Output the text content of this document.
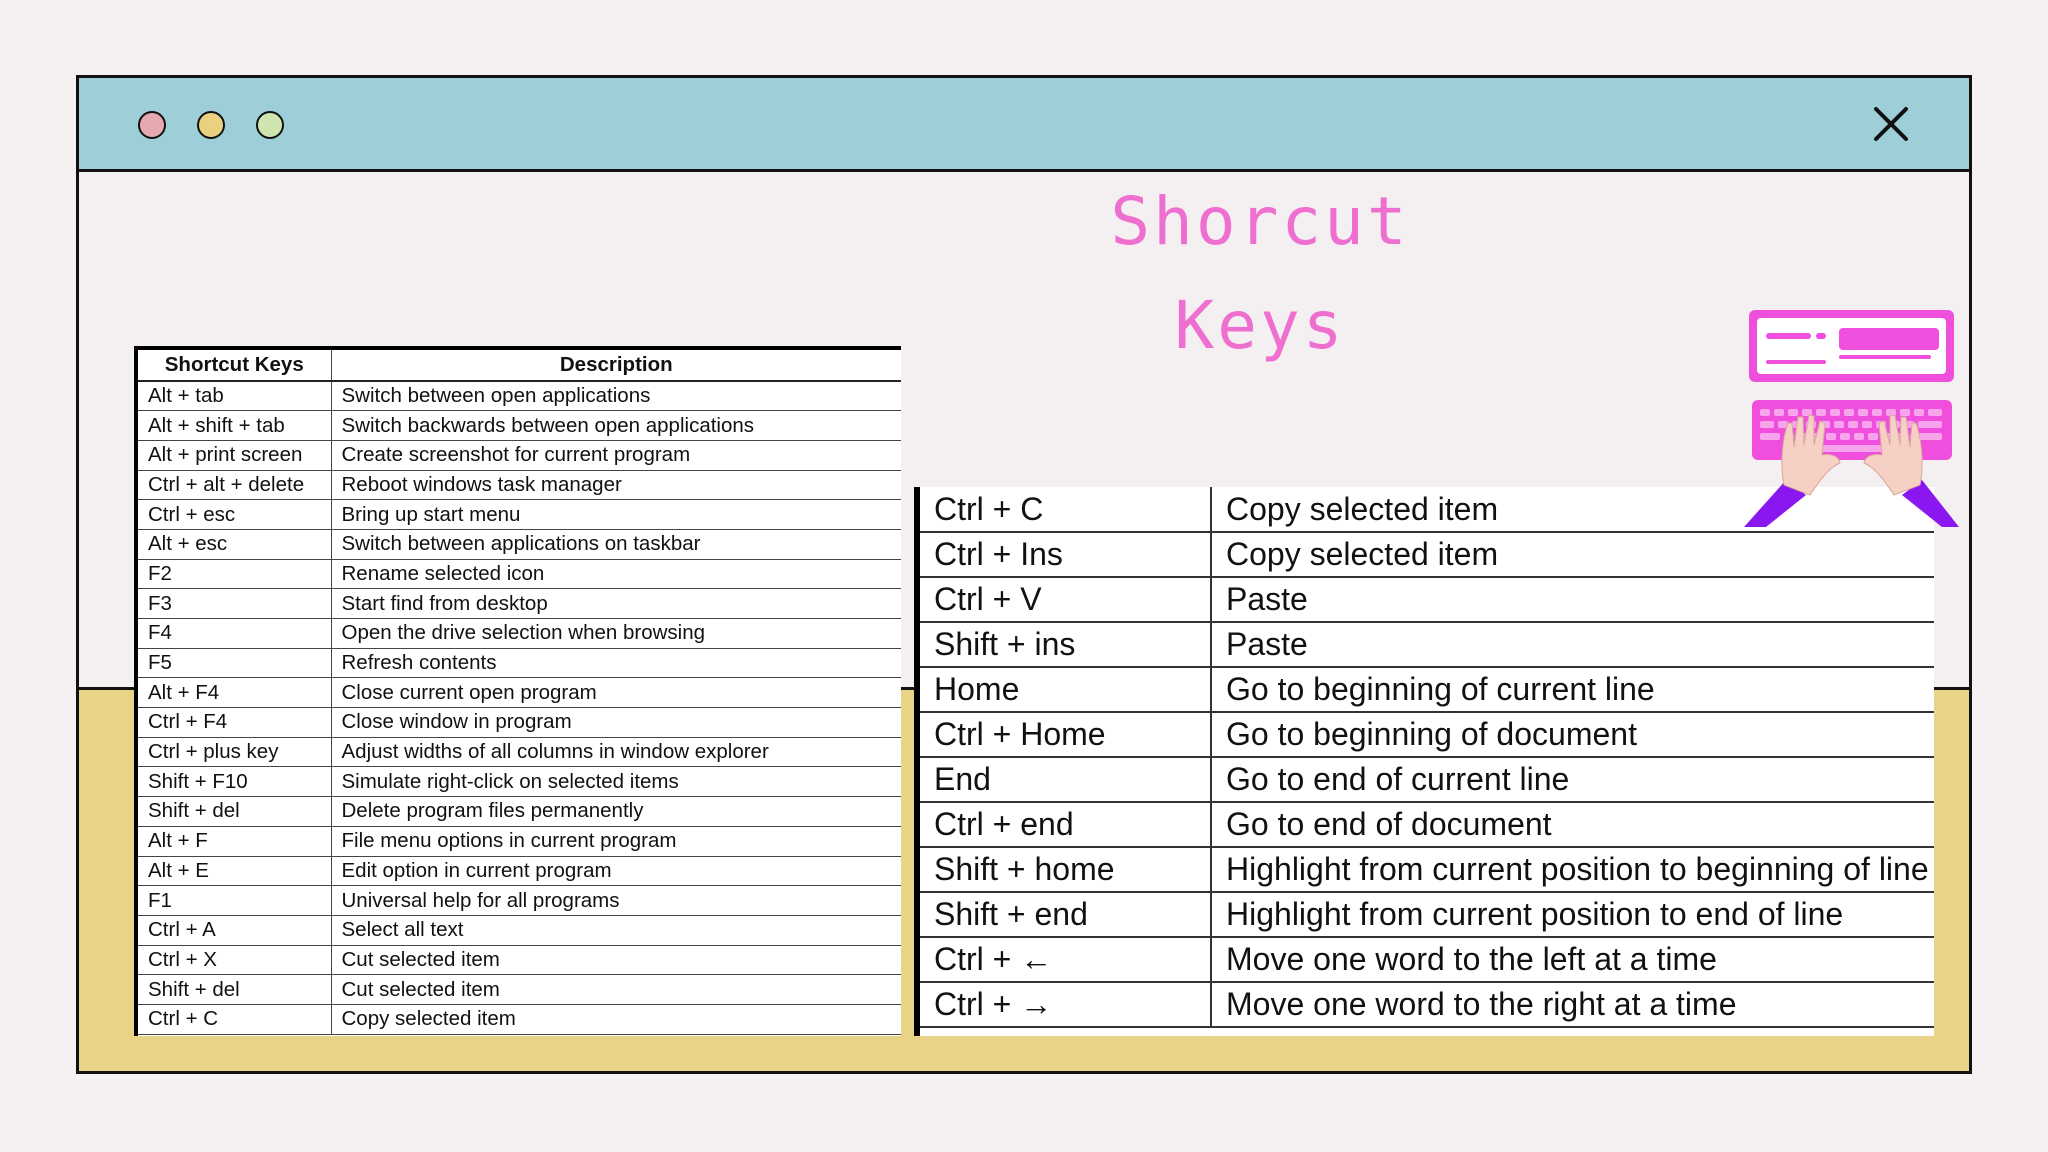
Shorcut
Keys
Shortcut Keys	Description
Alt + tab	Switch between open applications
Alt + shift + tab	Switch backwards between open applications
Alt + print screen	Create screenshot for current program
Ctrl + alt + delete	Reboot windows task manager
Ctrl + esc	Bring up start menu
Alt + esc	Switch between applications on taskbar
F2	Rename selected icon
F3	Start find from desktop
F4	Open the drive selection when browsing
F5	Refresh contents
Alt + F4	Close current open program
Ctrl + F4	Close window in program
Ctrl + plus key	Adjust widths of all columns in window explorer
Shift + F10	Simulate right-click on selected items
Shift + del	Delete program files permanently
Alt + F	File menu options in current program
Alt + E	Edit option in current program
F1	Universal help for all programs
Ctrl + A	Select all text
Ctrl + X	Cut selected item
Shift + del	Cut selected item
Ctrl + C	Copy selected item
Ctrl + C	Copy selected item
Ctrl + Ins	Copy selected item
Ctrl + V	Paste
Shift + ins	Paste
Home	Go to beginning of current line
Ctrl + Home	Go to beginning of document
End	Go to end of current line
Ctrl + end	Go to end of document
Shift + home	Highlight from current position to beginning of line
Shift + end	Highlight from current position to end of line
Ctrl + ←	Move one word to the left at a time
Ctrl + →	Move one word to the right at a time
